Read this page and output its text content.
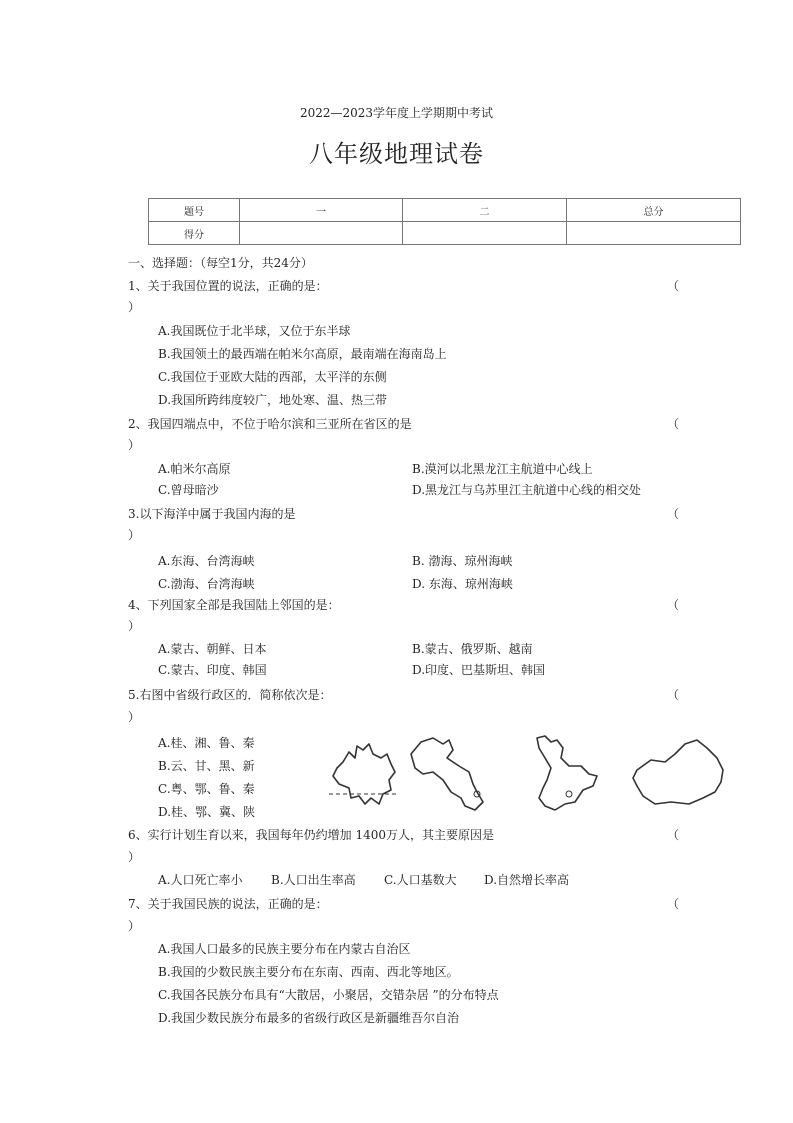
2022—2023学年度上学期期中考试
八年级地理试卷
题号	一	二	总分
得分			
一、选择题：（每空1分，共24分）
1、关于我国位置的说法，正确的是：	（
）
A.我国既位于北半球，又位于东半球
B.我国领土的最西端在帕米尔高原，最南端在海南岛上
C.我国位于亚欧大陆的西部，太平洋的东侧
D.我国所跨纬度较广，地处寒、温、热三带
2、我国四端点中，不位于哈尔滨和三亚所在省区的是	（
）
A.帕米尔高原	B.漠河以北黑龙江主航道中心线上
C.曾母暗沙	D.黑龙江与乌苏里江主航道中心线的相交处
3.以下海洋中属于我国内海的是	（
）
A.东海、台湾海峡	B. 渤海、琼州海峡
C.渤海、台湾海峡	D. 东海、琼州海峡
4、下列国家全部是我国陆上邻国的是：	（
）
A.蒙古、朝鲜、日本	B.蒙古、俄罗斯、越南
C.蒙古、印度、韩国	D.印度、巴基斯坦、韩国
5.右图中省级行政区的．简称依次是：	（
）
A.桂、湘、鲁、秦
B.云、甘、黑、新
C.粤、鄂、鲁、秦
D.桂、鄂、冀、陕
6、实行计划生育以来，我国每年仍约增加 1400万人，其主要原因是	（
）
A.人口死亡率小 B.人口出生率高 C.人口基数大 D.自然增长率高
7、关于我国民族的说法，正确的是：	（
）
A.我国人口最多的民族主要分布在内蒙古自治区
B.我国的少数民族主要分布在东南、西南、西北等地区。
C.我国各民族分布具有“大散居，小聚居，交错杂居 ”的分布特点
D.我国少数民族分布最多的省级行政区是新疆维吾尔自治
